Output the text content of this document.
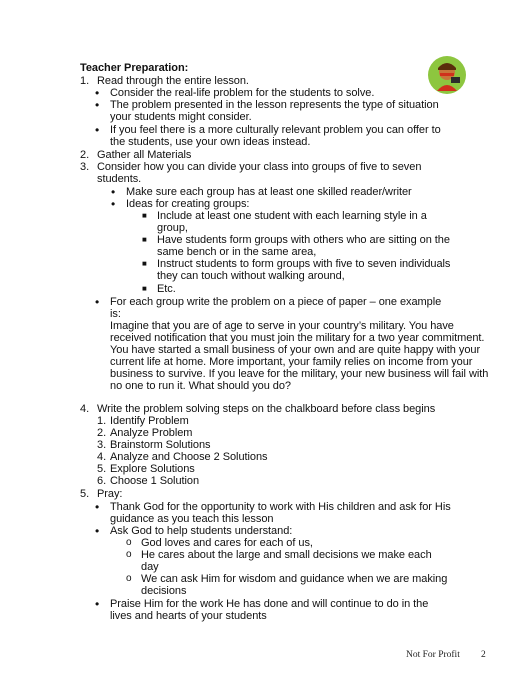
Teacher Preparation:
1. Read through the entire lesson.
• Consider the real-life problem for the students to solve.
• The problem presented in the lesson represents the type of situation
your students might consider.
• If you feel there is a more culturally relevant problem you can offer to
the students, use your own ideas instead.
2. Gather all Materials
3. Consider how you can divide your class into groups of five to seven
students.
• Make sure each group has at least one skilled reader/writer
• Ideas for creating groups:
■ Include at least one student with each learning style in a
group,
■ Have students form groups with others who are sitting on the
same bench or in the same area,
■ Instruct students to form groups with five to seven individuals
they can touch without walking around,
■ Etc.
• For each group write the problem on a piece of paper – one example
is:
Imagine that you are of age to serve in your country’s military. You have
received notification that you must join the military for a two year commitment.
You have started a small business of your own and are quite happy with your
current life at home. More important, your family relies on income from your
business to survive. If you leave for the military, your new business will fail with
no one to run it. What should you do?
4. Write the problem solving steps on the chalkboard before class begins
1. Identify Problem
2. Analyze Problem
3. Brainstorm Solutions
4. Analyze and Choose 2 Solutions
5. Explore Solutions
6. Choose 1 Solution
5. Pray:
• Thank God for the opportunity to work with His children and ask for His
guidance as you teach this lesson
• Ask God to help students understand:
o God loves and cares for each of us,
o He cares about the large and small decisions we make each
day
o We can ask Him for wisdom and guidance when we are making
decisions
• Praise Him for the work He has done and will continue to do in the
lives and hearts of your students
Not For Profit 2
